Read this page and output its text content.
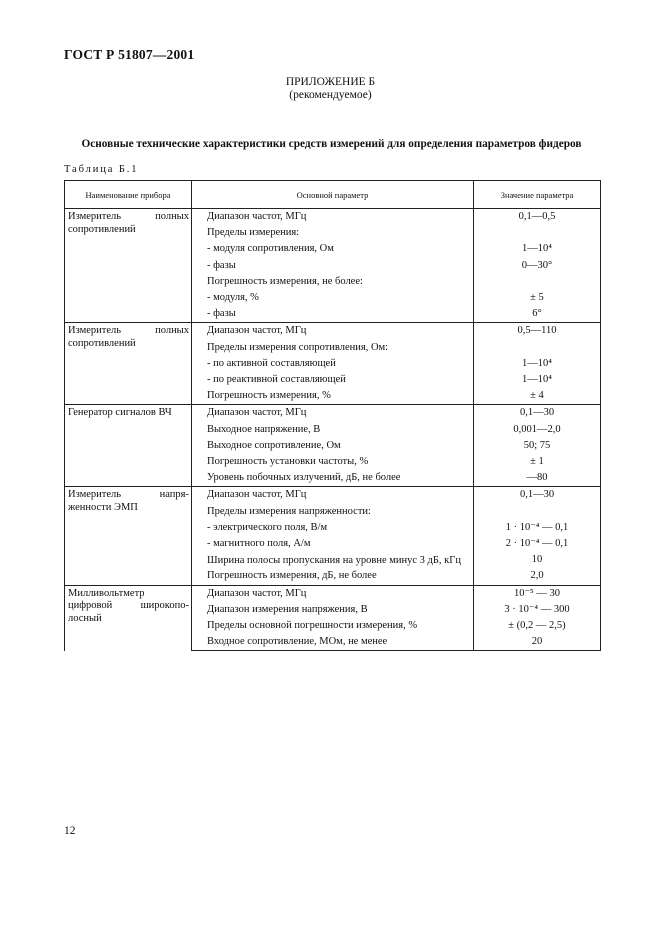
ГОСТ Р 51807—2001
ПРИЛОЖЕНИЕ Б
(рекомендуемое)
Основные технические характеристики средств измерений для определения параметров фидеров
Таблица Б.1
Наименование прибора	Основной параметр	Значение параметра
Измеритель полных сопротивлений	Диапазон частот, МГц	0,1—0,5
	Пределы измерения:	
	- модуля сопротивления, Ом	1—10⁴
	- фазы	0—30°
	Погрешность измерения, не более:	
	- модуля, %	± 5
	- фазы	6°
Измеритель полных сопротивлений	Диапазон частот, МГц	0,5—110
	Пределы измерения сопротивления, Ом:	
	- по активной составляющей	1—10⁴
	- по реактивной составляющей	1—10⁴
	Погрешность измерения, %	± 4
Генератор сигналов ВЧ	Диапазон частот, МГц	0,1—30
	Выходное напряжение, В	0,001—2,0
	Выходное сопротивление, Ом	50; 75
	Погрешность установки частоты, %	± 1
	Уровень побочных излучений, дБ, не более	—80
Измеритель напряженности ЭМП	Диапазон частот, МГц	0,1—30
	Пределы измерения напряженности:	
	- электрического поля, В/м	1 · 10⁻⁴ — 0,1
	- магнитного поля, А/м	2 · 10⁻⁴ — 0,1
	Ширина полосы пропускания на уровне минус 3 дБ, кГц	10
	Погрешность измерения, дБ, не более	2,0
Милливольтметр цифровой широкополосный	Диапазон частот, МГц	10⁻⁵ — 30
	Диапазон измерения напряжения, В	3 · 10⁻⁴ — 300
	Пределы основной погрешности измерения, %	± (0,2 — 2,5)
	Входное сопротивление, МОм, не менее	20
12
